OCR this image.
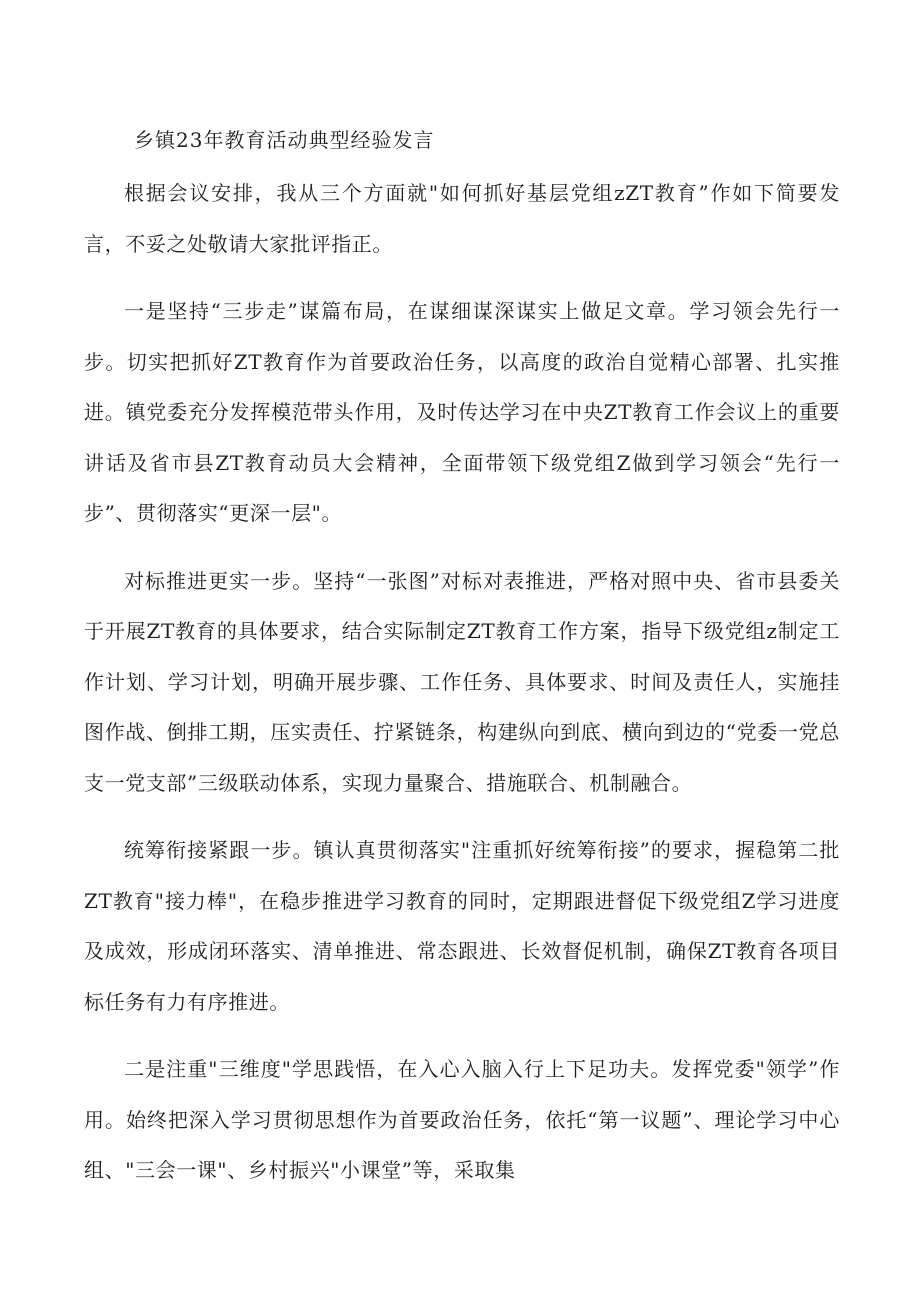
乡镇23年教育活动典型经验发言

根据会议安排，我从三个方面就"如何抓好基层党组zZT教育”作如下简要发言，不妥之处敬请大家批评指正。

一是坚持“三步走”谋篇布局，在谋细谋深谋实上做足文章。学习领会先行一步。切实把抓好ZT教育作为首要政治任务，以高度的政治自觉精心部署、扎实推进。镇党委充分发挥模范带头作用，及时传达学习在中央ZT教育工作会议上的重要讲话及省市县ZT教育动员大会精神，全面带领下级党组Z做到学习领会“先行一步”、贯彻落实“更深一层"。

对标推进更实一步。坚持“一张图”对标对表推进，严格对照中央、省市县委关于开展ZT教育的具体要求，结合实际制定ZT教育工作方案，指导下级党组z制定工作计划、学习计划，明确开展步骤、工作任务、具体要求、时间及责任人，实施挂图作战、倒排工期，压实责任、拧紧链条，构建纵向到底、横向到边的“党委一党总支一党支部”三级联动体系，实现力量聚合、措施联合、机制融合。

统筹衔接紧跟一步。镇认真贯彻落实"注重抓好统筹衔接”的要求，握稳第二批ZT教育"接力棒"，在稳步推进学习教育的同时，定期跟进督促下级党组Z学习进度及成效，形成闭环落实、清单推进、常态跟进、长效督促机制，确保ZT教育各项目标任务有力有序推进。

二是注重"三维度"学思践悟，在入心入脑入行上下足功夫。发挥党委"领学”作用。始终把深入学习贯彻思想作为首要政治任务，依托“第一议题”、理论学习中心组、"三会一课"、乡村振兴"小课堂”等，采取集
